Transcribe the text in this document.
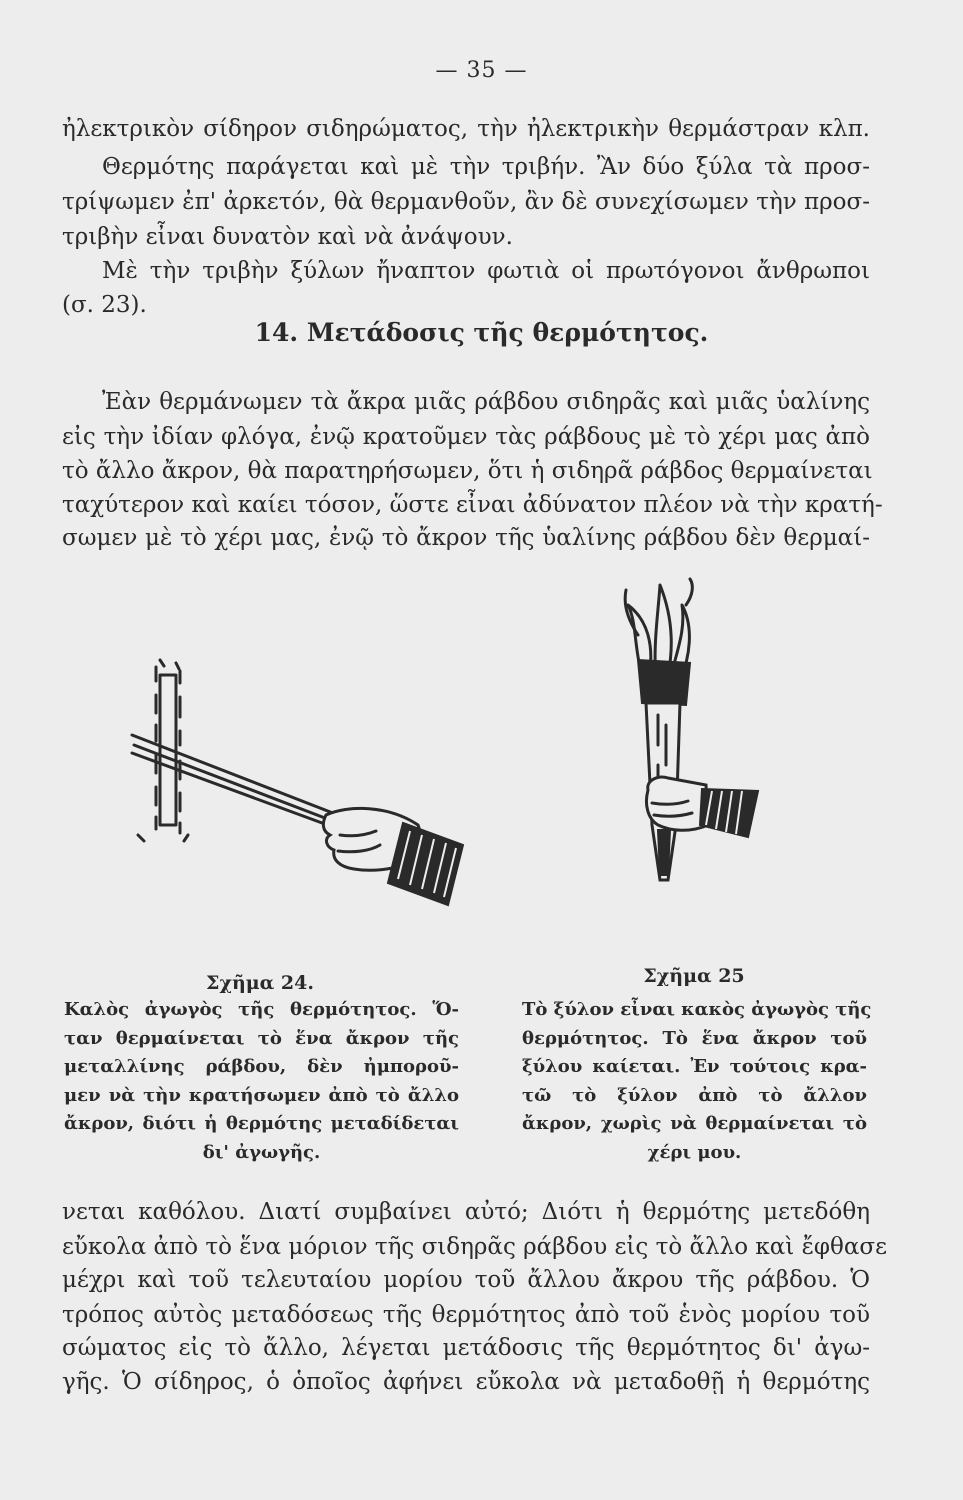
— 35 —
ἠλεκτρικὸν σίδηρον σιδηρώματος, τὴν ἠλεκτρικὴν θερμάστραν κλπ.
Θερμότης παράγεται καὶ μὲ τὴν τριβήν. Ἂν δύο ξύλα τὰ προσ-
τρίψωμεν ἐπ' ἀρκετόν, θὰ θερμανθοῦν, ἂν δὲ συνεχίσωμεν τὴν προσ-
τριβὴν εἶναι δυνατὸν καὶ νὰ ἀνάψουν.
Μὲ τὴν τριβὴν ξύλων ἤναπτον φωτιὰ οἱ πρωτόγονοι ἄνθρωποι
(σ. 23).
14. Μετάδοσις τῆς θερμότητος.
Ἐὰν θερμάνωμεν τὰ ἄκρα μιᾶς ράβδου σιδηρᾶς καὶ μιᾶς ὑαλίνης
εἰς τὴν ἰδίαν φλόγα, ἐνῷ κρατοῦμεν τὰς ράβδους μὲ τὸ χέρι μας ἀπὸ
τὸ ἄλλο ἄκρον, θὰ παρατηρήσωμεν, ὅτι ἡ σιδηρᾶ ράβδος θερμαίνεται
ταχύτερον καὶ καίει τόσον, ὥστε εἶναι ἀδύνατον πλέον νὰ τὴν κρατή-
σωμεν μὲ τὸ χέρι μας, ἐνῷ τὸ ἄκρον τῆς ὑαλίνης ράβδου δὲν θερμαί-
Σχῆμα 24.
Καλὸς ἀγωγὸς τῆς θερμότητος. Ὅ-
ταν θερμαίνεται τὸ ἕνα ἄκρον τῆς
μεταλλίνης ράβδου, δὲν ἠμποροῦ-
μεν νὰ τὴν κρατήσωμεν ἀπὸ τὸ ἄλλο
ἄκρον, διότι ἡ θερμότης μεταδίδεται
δι' ἀγωγῆς.
Σχῆμα 25
Τὸ ξύλον εἶναι κακὸς ἀγωγὸς τῆς
θερμότητος. Τὸ ἕνα ἄκρον τοῦ
ξύλου καίεται. Ἐν τούτοις κρα-
τῶ τὸ ξύλον ἀπὸ τὸ ἄλλον
ἄκρον, χωρὶς νὰ θερμαίνεται τὸ
χέρι μου.
νεται καθόλου. Διατί συμβαίνει αὐτό; Διότι ἡ θερμότης μετεδόθη
εὔκολα ἀπὸ τὸ ἕνα μόριον τῆς σιδηρᾶς ράβδου εἰς τὸ ἄλλο καὶ ἔφθασε
μέχρι καὶ τοῦ τελευταίου μορίου τοῦ ἄλλου ἄκρου τῆς ράβδου. Ὁ
τρόπος αὐτὸς μεταδόσεως τῆς θερμότητος ἀπὸ τοῦ ἑνὸς μορίου τοῦ
σώματος εἰς τὸ ἄλλο, λέγεται μετάδοσις τῆς θερμότητος δι' ἀγω-
γῆς. Ὁ σίδηρος, ὁ ὁποῖος ἀφήνει εὔκολα νὰ μεταδοθῇ ἡ θερμότης
